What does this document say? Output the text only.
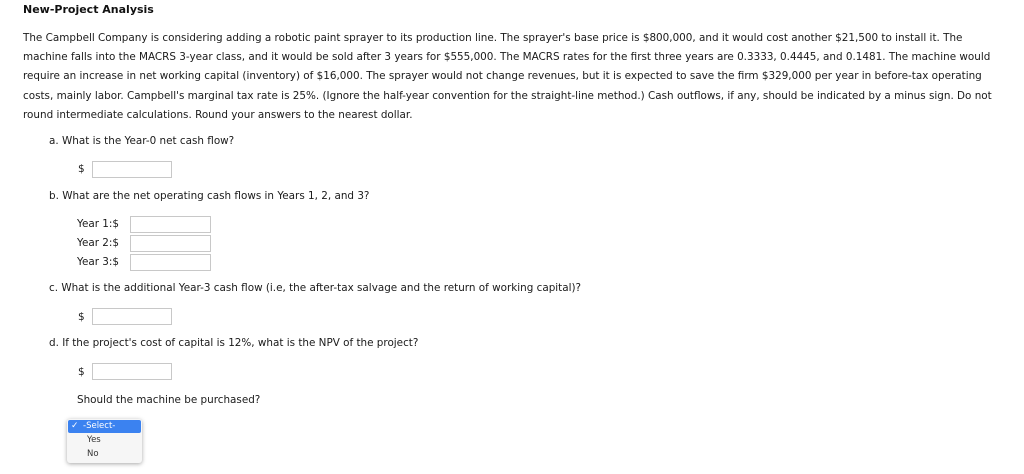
New-Project Analysis
The Campbell Company is considering adding a robotic paint sprayer to its production line. The sprayer's base price is $800,000, and it would cost another $21,500 to install it. The machine falls into the MACRS 3-year class, and it would be sold after 3 years for $555,000. The MACRS rates for the first three years are 0.3333, 0.4445, and 0.1481. The machine would require an increase in net working capital (inventory) of $16,000. The sprayer would not change revenues, but it is expected to save the firm $329,000 per year in before-tax operating costs, mainly labor. Campbell's marginal tax rate is 25%. (Ignore the half-year convention for the straight-line method.) Cash outflows, if any, should be indicated by a minus sign. Do not round intermediate calculations. Round your answers to the nearest dollar.
a. What is the Year-0 net cash flow?
$
b. What are the net operating cash flows in Years 1, 2, and 3?
Year 1:$
Year 2:$
Year 3:$
c. What is the additional Year-3 cash flow (i.e, the after-tax salvage and the return of working capital)?
$
d. If the project's cost of capital is 12%, what is the NPV of the project?
$
Should the machine be purchased?
✓ -Select-
Yes
No
